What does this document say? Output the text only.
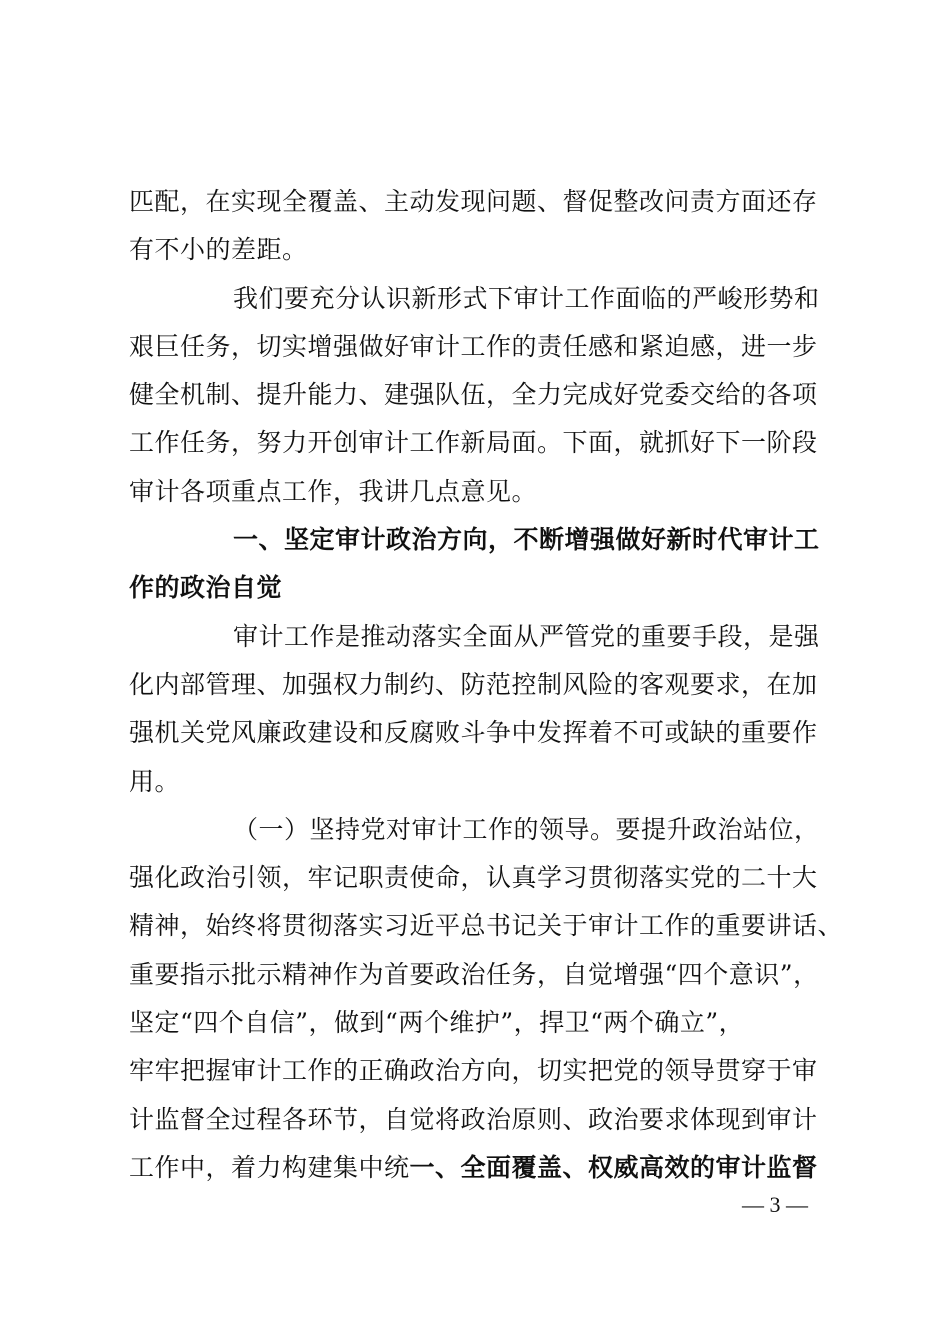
匹配，在实现全覆盖、主动发现问题、督促整改问责方面还存
有不小的差距。
我们要充分认识新形式下审计工作面临的严峻形势和
艰巨任务，切实增强做好审计工作的责任感和紧迫感，进一步
健全机制、提升能力、建强队伍，全力完成好党委交给的各项
工作任务，努力开创审计工作新局面。下面，就抓好下一阶段
审计各项重点工作，我讲几点意见。
一、坚定审计政治方向，不断增强做好新时代审计工
作的政治自觉
审计工作是推动落实全面从严管党的重要手段，是强
化内部管理、加强权力制约、防范控制风险的客观要求，在加
强机关党风廉政建设和反腐败斗争中发挥着不可或缺的重要作
用。
（一）坚持党对审计工作的领导。要提升政治站位，
强化政治引领，牢记职责使命，认真学习贯彻落实党的二十大
精神，始终将贯彻落实习近平总书记关于审计工作的重要讲话、
重要指示批示精神作为首要政治任务，自觉增强“四个意识”，
坚定“四个自信”，做到“两个维护”，捍卫“两个确立”，
牢牢把握审计工作的正确政治方向，切实把党的领导贯穿于审
计监督全过程各环节，自觉将政治原则、政治要求体现到审计
工作中，着力构建集中统一、全面覆盖、权威高效的审计监督
— 3 —
